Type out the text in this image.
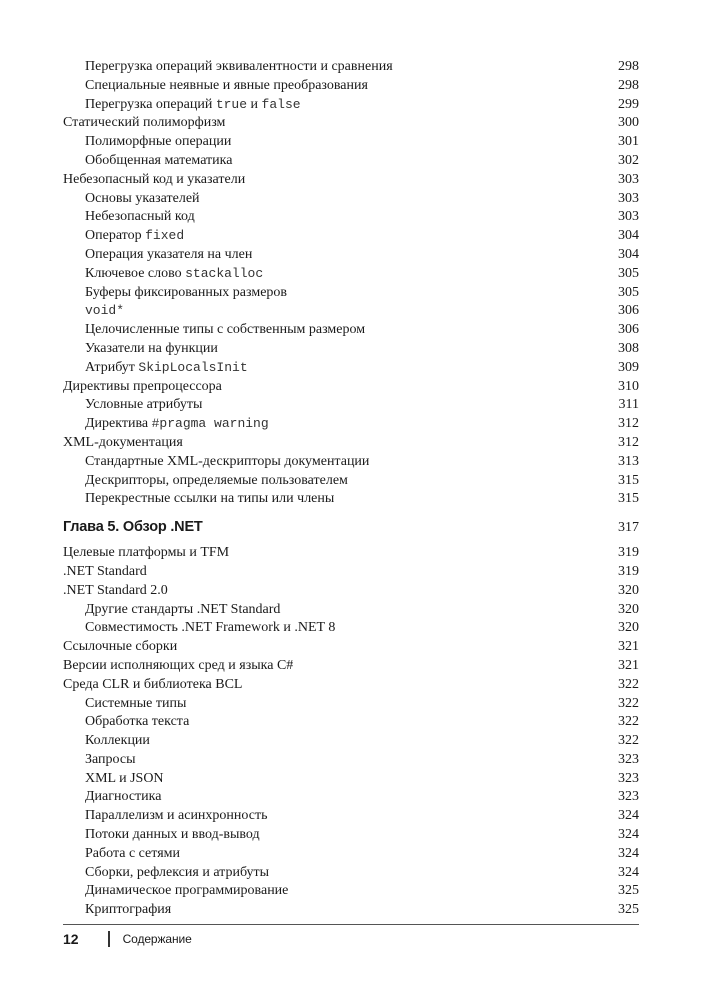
Перегрузка операций эквивалентности и сравнения	298
Специальные неявные и явные преобразования	298
Перегрузка операций true и false	299
Статический полиморфизм	300
Полиморфные операции	301
Обобщенная математика	302
Небезопасный код и указатели	303
Основы указателей	303
Небезопасный код	303
Оператор fixed	304
Операция указателя на член	304
Ключевое слово stackalloc	305
Буферы фиксированных размеров	305
void*	306
Целочисленные типы с собственным размером	306
Указатели на функции	308
Атрибут SkipLocalsInit	309
Директивы препроцессора	310
Условные атрибуты	311
Директива #pragma warning	312
XML-документация	312
Стандартные XML-дескрипторы документации	313
Дескрипторы, определяемые пользователем	315
Перекрестные ссылки на типы или члены	315
Глава 5. Обзор .NET	317
Целевые платформы и TFM	319
.NET Standard	319
.NET Standard 2.0	320
Другие стандарты .NET Standard	320
Совместимость .NET Framework и .NET 8	320
Ссылочные сборки	321
Версии исполняющих сред и языка C#	321
Среда CLR и библиотека BCL	322
Системные типы	322
Обработка текста	322
Коллекции	322
Запросы	323
XML и JSON	323
Диагностика	323
Параллелизм и асинхронность	324
Потоки данных и ввод-вывод	324
Работа с сетями	324
Сборки, рефлексия и атрибуты	324
Динамическое программирование	325
Криптография	325
12	Содержание
